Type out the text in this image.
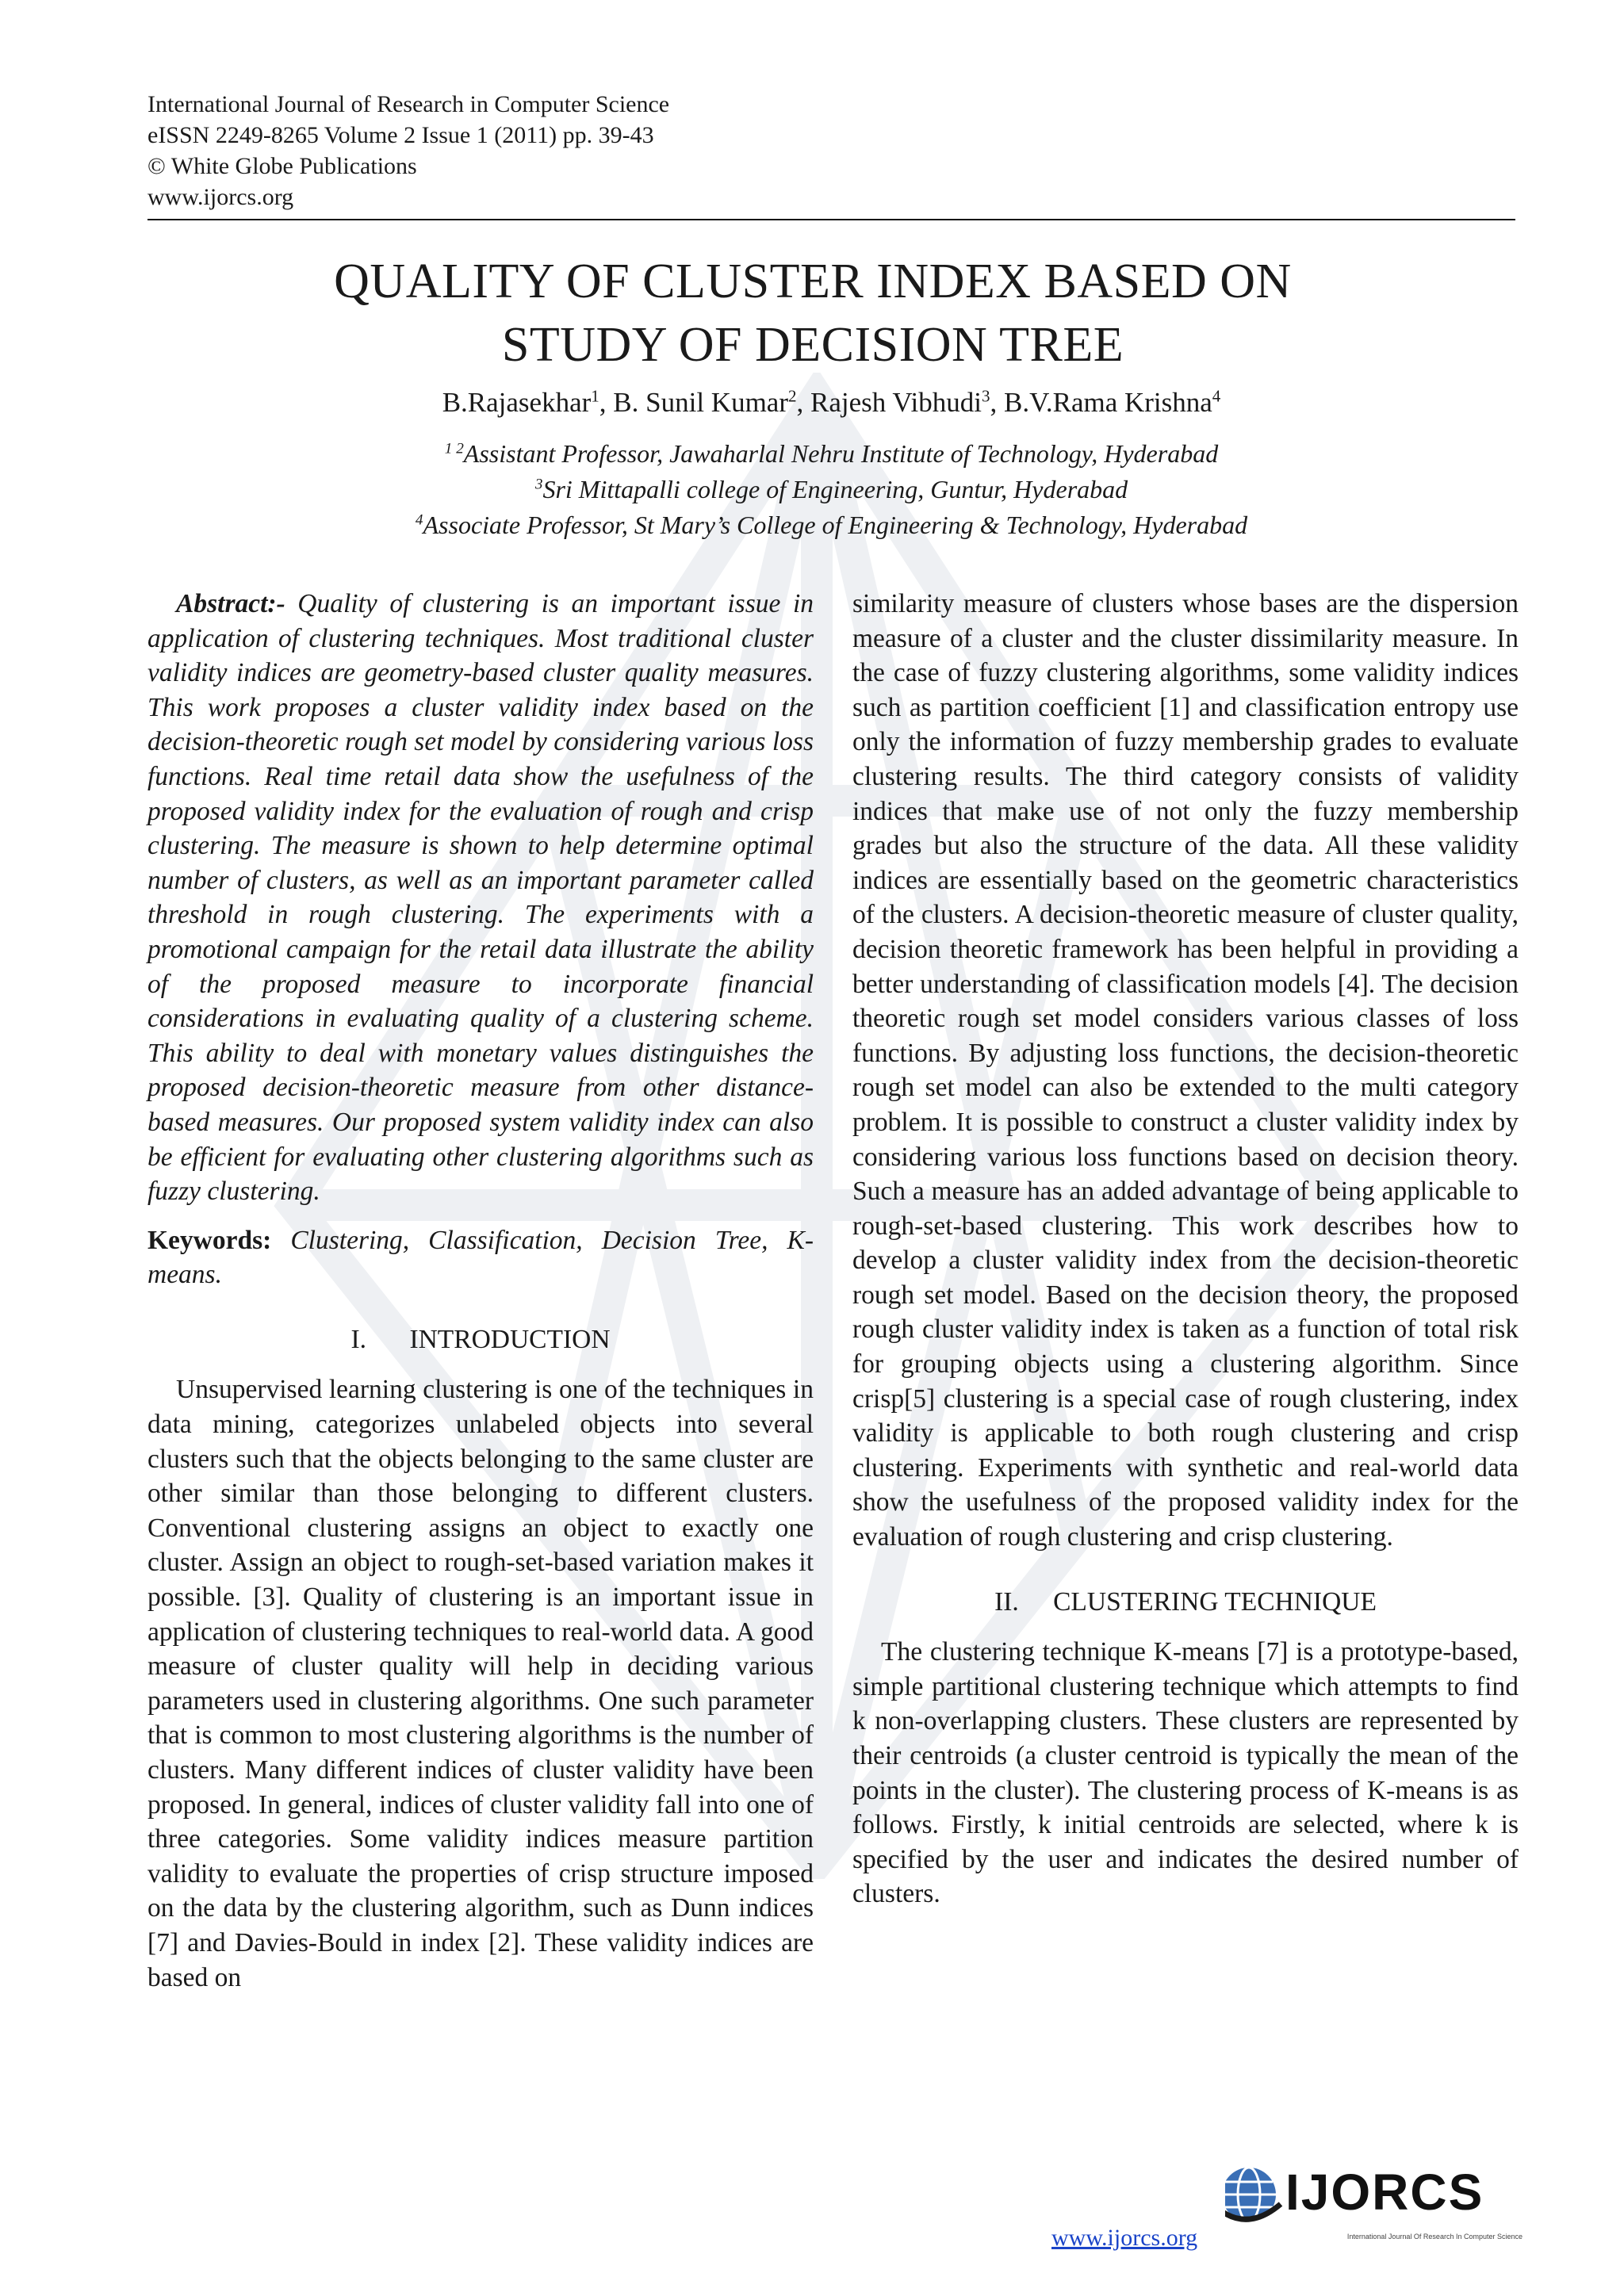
International Journal of Research in Computer Science
eISSN 2249-8265 Volume 2 Issue 1 (2011) pp. 39-43
© White Globe Publications
www.ijorcs.org
QUALITY OF CLUSTER INDEX BASED ON
STUDY OF DECISION TREE
B.Rajasekhar$^1$, B. Sunil Kumar$^2$, Rajesh Vibhudi$^3$, B.V.Rama Krishna$^4$

$^{1 2}$Assistant Professor, Jawaharlal Nehru Institute of Technology, Hyderabad

$^3$Sri Mittapalli college of Engineering, Guntur, Hyderabad

$^4$Associate Professor, St Mary’s College of Engineering & Technology, Hyderabad

Abstract:- Quality of clustering is an important issue in application of clustering techniques. Most traditional cluster validity indices are geometry-based cluster quality measures. This work proposes a cluster validity index based on the decision-theoretic rough set model by considering various loss functions. Real time retail data show the usefulness of the proposed validity index for the evaluation of rough and crisp clustering. The measure is shown to help determine optimal number of clusters, as well as an important parameter called threshold in rough clustering. The experiments with a promotional campaign for the retail data illustrate the ability of the proposed measure to incorporate financial considerations in evaluating quality of a clustering scheme. This ability to deal with monetary values distinguishes the proposed decision-theoretic measure from other distance-based measures. Our proposed system validity index can also be efficient for evaluating other clustering algorithms such as fuzzy clustering.

Keywords: Clustering, Classification, Decision Tree, K-means.

I. INTRODUCTION

Unsupervised learning clustering is one of the techniques in data mining, categorizes unlabeled objects into several clusters such that the objects belonging to the same cluster are other similar than those belonging to different clusters. Conventional clustering assigns an object to exactly one cluster. Assign an object to rough-set-based variation makes it possible. [3]. Quality of clustering is an important issue in application of clustering techniques to real-world data. A good measure of cluster quality will help in deciding various parameters used in clustering algorithms. One such parameter that is common to most clustering algorithms is the number of clusters. Many different indices of cluster validity have been proposed. In general, indices of cluster validity fall into one of three categories. Some validity indices measure partition validity to evaluate the properties of crisp structure imposed on the data by the clustering algorithm, such as Dunn indices [7] and Davies-Bould in index [2]. These validity indices are based on

similarity measure of clusters whose bases are the dispersion measure of a cluster and the cluster dissimilarity measure. In the case of fuzzy clustering algorithms, some validity indices such as partition coefficient [1] and classification entropy use only the information of fuzzy membership grades to evaluate clustering results. The third category consists of validity indices that make use of not only the fuzzy membership grades but also the structure of the data. All these validity indices are essentially based on the geometric characteristics of the clusters. A decision-theoretic measure of cluster quality, decision theoretic framework has been helpful in providing a better understanding of classification models [4]. The decision theoretic rough set model considers various classes of loss functions. By adjusting loss functions, the decision-theoretic rough set model can also be extended to the multi category problem. It is possible to construct a cluster validity index by considering various loss functions based on decision theory. Such a measure has an added advantage of being applicable to rough-set-based clustering. This work describes how to develop a cluster validity index from the decision-theoretic rough set model. Based on the decision theory, the proposed rough cluster validity index is taken as a function of total risk for grouping objects using a clustering algorithm. Since crisp[5] clustering is a special case of rough clustering, index validity is applicable to both rough clustering and crisp clustering. Experiments with synthetic and real-world data show the usefulness of the proposed validity index for the evaluation of rough clustering and crisp clustering.

II. CLUSTERING TECHNIQUE

The clustering technique K-means [7] is a prototype-based, simple partitional clustering technique which attempts to find k non-overlapping clusters. These clusters are represented by their centroids (a cluster centroid is typically the mean of the points in the cluster). The clustering process of K-means is as follows. Firstly, k initial centroids are selected, where k is specified by the user and indicates the desired number of clusters.

www.ijorcs.org
IJORCS
International Journal Of Research In Computer Science
